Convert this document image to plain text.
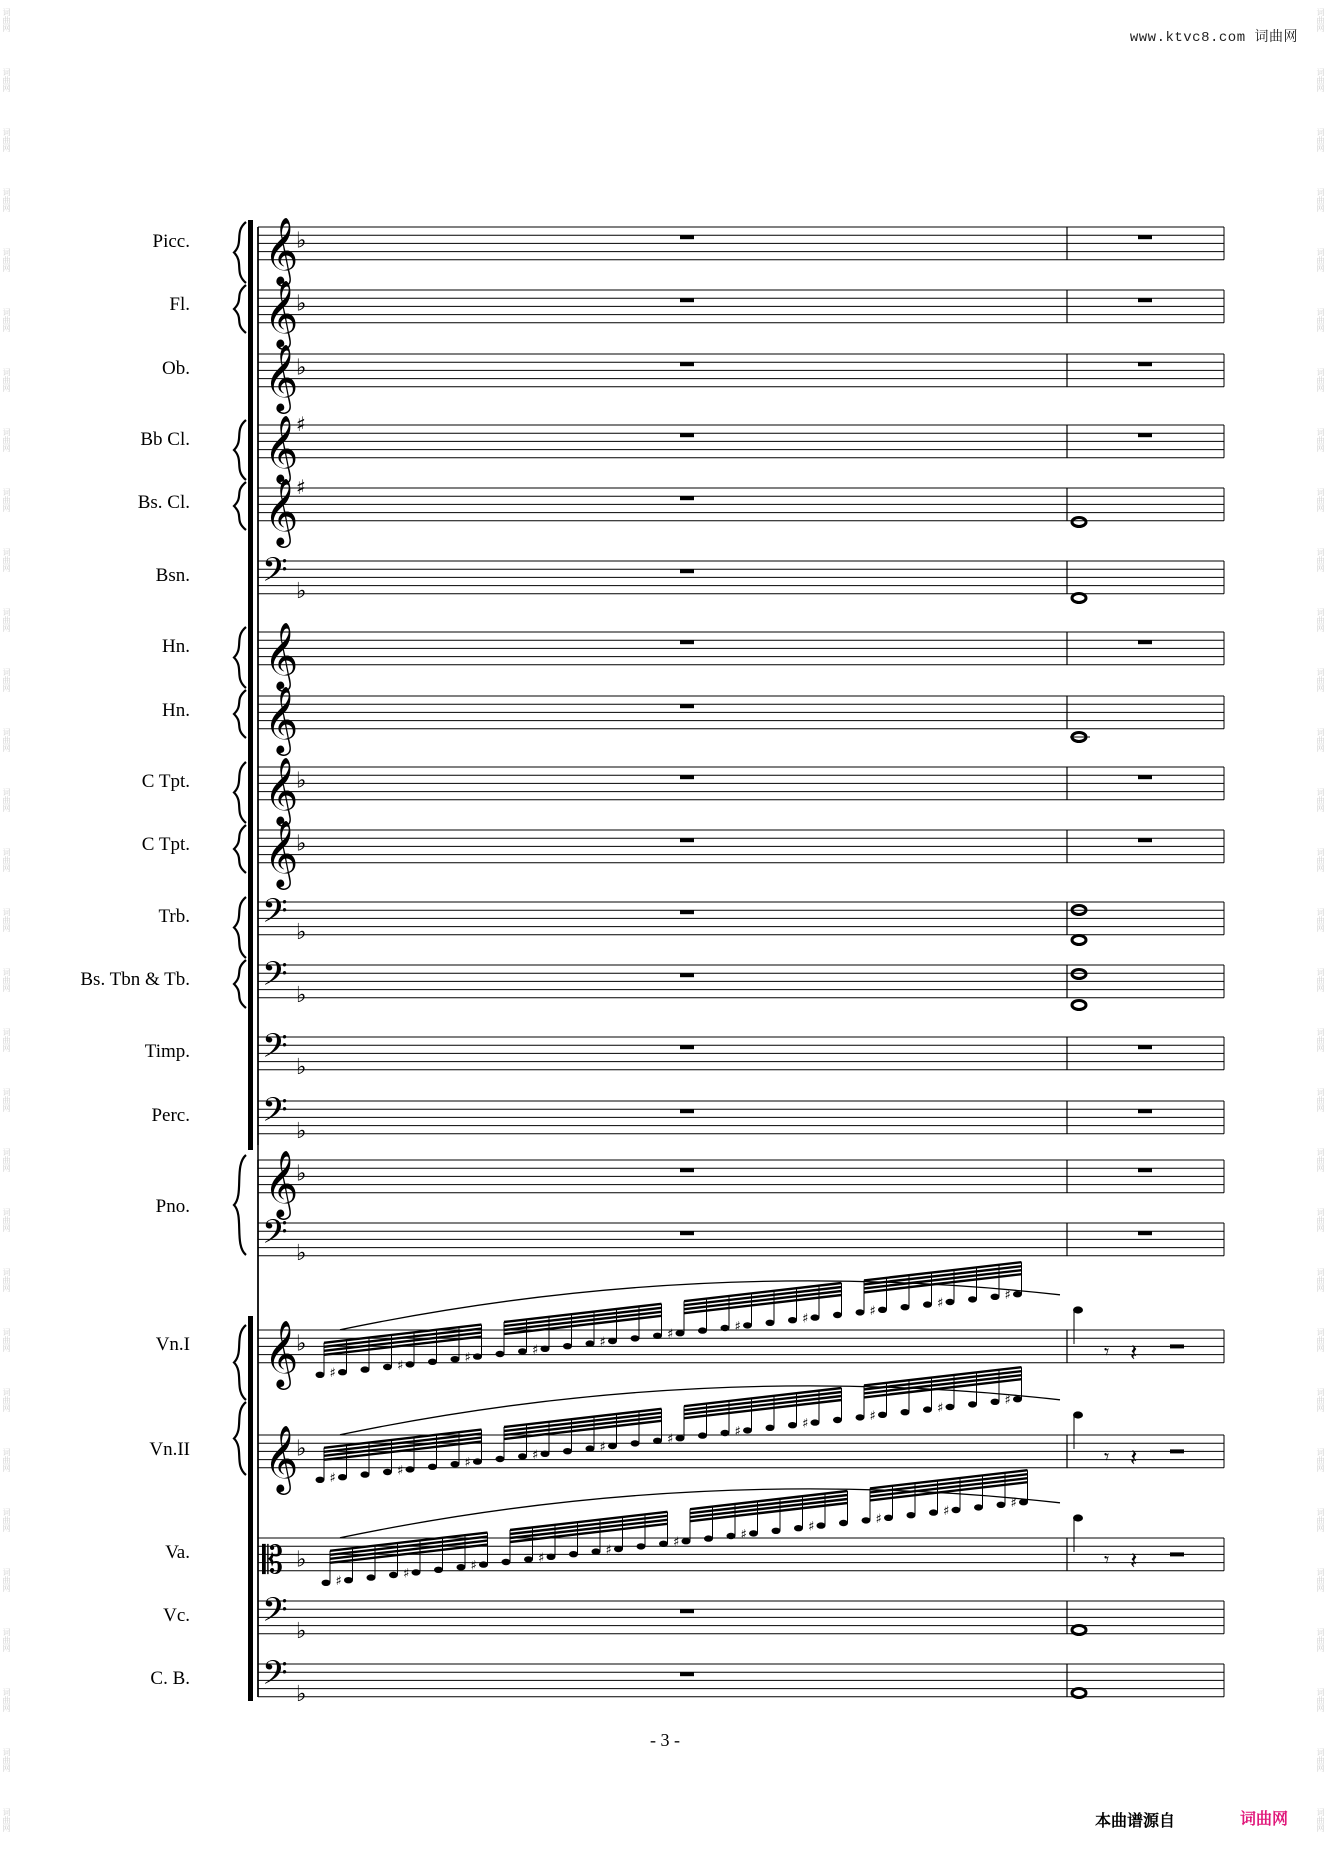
词曲网
词曲网
词曲网
词曲网
词曲网
词曲网
词曲网
词曲网
词曲网
词曲网
词曲网
词曲网
词曲网
词曲网
词曲网
词曲网
词曲网
词曲网
词曲网
词曲网
词曲网
词曲网
词曲网
词曲网
词曲网
词曲网
词曲网
词曲网
词曲网
词曲网
词曲网
词曲网
词曲网
词曲网
词曲网
词曲网
词曲网
词曲网
词曲网
词曲网
词曲网
词曲网
词曲网
词曲网
词曲网
词曲网
词曲网
词曲网
词曲网
词曲网
词曲网
词曲网
词曲网
词曲网
词曲网
词曲网
词曲网
词曲网
词曲网
词曲网
词曲网
词曲网
www.ktvc8.com 词曲网
𝄞
♭
𝄞
♭
𝄞
♭
𝄞
♯
𝄞
♯
𝄢 ♭
𝄞
𝄞
𝄞
♭
𝄞
♭
𝄢 ♭
𝄢 ♭
𝄢 ♭
𝄢 ♭
𝄞
♭
𝄢 ♭
𝄞
♭
𝄞
♭
𝄡 ♭
𝄢 ♭
𝄢 ♭
♯
♯
♯
♯
♯
♯
♯
♯
♯
♯
♯
𝄾 𝄽
♯
♯
♯
♯
♯
♯
♯
♯
♯
♯
♯
𝄾 𝄽
♯
♯
♯
♯
♯
♯
♯
♯
♯
♯
♯
𝄾 𝄽
Picc.
Fl.
Ob.
Bb Cl.
Bs. Cl.
Bsn.
Hn.
Hn.
C Tpt.
C Tpt.
Trb.
Bs. Tbn & Tb.
Timp.
Perc.
Pno.
Vn.I
Vn.II
Va.
Vc.
C. B.
- 3 -
本曲谱源自	词曲网
